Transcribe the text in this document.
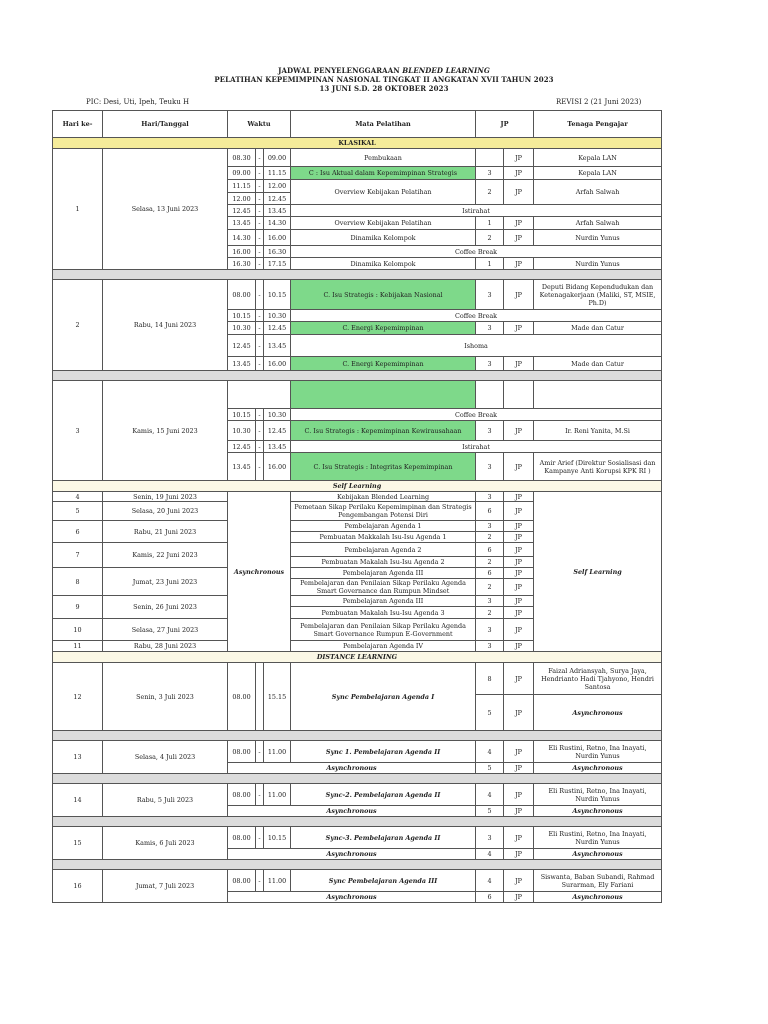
JADWAL PENYELENGGARAAN BLENDED LEARNING
PELATIHAN KEPEMIMPINAN NASIONAL TINGKAT II ANGKATAN XVII TAHUN 2023
13 JUNI S.D. 28 OKTOBER 2023
PIC: Desi, Uti, Ipeh, Teuku H	REVISI 2 (21 Juni 2023)
Hari ke-	Hari/Tanggal	Waktu			Mata Pelatihan	JP		Tenaga Pengajar
KLASIKAL								
1	Selasa, 13 Juni 2023	08.30	-	09.00	Pembukaan		JP	Kepala LAN
		09.00	-	11.15	C : Isu Aktual dalam Kepemimpinan Strategis	3	JP	Kepala LAN
		11.15	-	12.00	Overview Kebijakan Pelatihan	2	JP	Arfah Salwah
		12.00	-	12.45				
		12.45	-	13.45	Istirahat			
		13.45	-	14.30	Overview Kebijakan Pelatihan	1	JP	Arfah Salwah
		14.30	-	16.00	Dinamika Kelompok	2	JP	Nurdin Yunus
		16.00	-	16.30	Coffee Break			
		16.30	-	17.15	Dinamika Kelompok	1	JP	Nurdin Yunus

2	Rabu, 14 Juni 2023	08.00	-	10.15	C. Isu Strategis : Kebijakan Nasional	3	JP	Deputi Bidang Kependudukan dan Ketenagakerjaan (Maliki, ST, MSIE, Ph.D)
		10.15	-	10.30	Coffee Break			
		10.30	-	12.45	C. Energi Kepemimpinan	3	JP	Made dan Catur
		12.45	-	13.45	Ishoma			
		13.45	-	16.00	C. Energi Kepemimpinan	3	JP	Made dan Catur

3	Kamis, 15 Juni 2023							
		10.15	-	10.30	Coffee Break			
		10.30	-	12.45	C. Isu Strategis : Kepemimpinan Kewirausahaan	3	JP	Ir. Reni Yanita, M.Si
		12.45	-	13.45	Istirahat			
		13.45	-	16.00	C. Isu Strategis : Integritas Kepemimpinan	3	JP	Amir Arief (Direktur Sosialisasi dan Kampanye Anti Korupsi KPK RI )
Self Learning								
4	Senin, 19 Juni 2023	Asynchronous			Kebijakan Blended Learning	3	JP	Self Learning
5	Selasa, 20 Juni 2023				Pemetaan Sikap Perilaku Kepemimpinan dan Strategis Pengembangan Potensi Diri	6	JP	
6	Rabu, 21 Juni 2023				Pembelajaran Agenda 1	3	JP	
					Pembuatan Makkalah Isu-Isu Agenda 1	2	JP	
7	Kamis, 22 Juni 2023				Pembelajaran Agenda 2	6	JP	
					Pembuatan Makalah Isu-Isu Agenda 2	2	JP	
8	Jumat, 23 Juni 2023				Pembelajaran Agenda III	6	JP	
					Pembelajaran dan Penilaian Sikap Perilaku Agenda Smart Governance dan Rumpun Mindset	2	JP	
9	Senin, 26 Juni 2023				Pembelajaran Agenda III	3	JP	
					Pembuatan Makalah Isu-Isu Agenda 3	2	JP	
10	Selasa, 27 Juni 2023				Pembelajaran dan Penilaian Sikap Perilaku Agenda Smart Governance Rumpun E-Government	3	JP	
11	Rabu, 28 Juni 2023				Pembelajaran Agenda IV	3	JP	
DISTANCE LEARNING								
12	Senin, 3 Juli 2023	08.00		15.15	Sync Pembelajaran Agenda I	8	JP	Faizal Adriansyah, Surya Jaya, Hendrianto Hadi Tjahyono, Hendri Santosa
						5	JP	Asynchronous

13	Selasa, 4 Juli 2023	08.00	-	11.00	Sync 1. Pembelajaran Agenda II	4	JP	Eli Rustini, Retno, Ina Inayati, Nurdin Yunus
		Asynchronous				5	JP	Asynchronous

14	Rabu, 5 Juli 2023	08.00	-	11.00	Sync-2. Pembelajaran Agenda II	4	JP	Eli Rustini, Retno, Ina Inayati, Nurdin Yunus
		Asynchronous				5	JP	Asynchronous

15	Kamis, 6 Juli 2023	08.00	-	10.15	Sync-3. Pembelajaran Agenda II	3	JP	Eli Rustini, Retno, Ina Inayati, Nurdin Yunus
		Asynchronous				4	JP	Asynchronous

16	Jumat, 7 Juli 2023	08.00	-	11.00	Sync Pembelajaran Agenda III	4	JP	Siswanta, Baban Subandi, Rahmad Surarman, Ely Fariani
		Asynchronous				6	JP	Asynchronous
